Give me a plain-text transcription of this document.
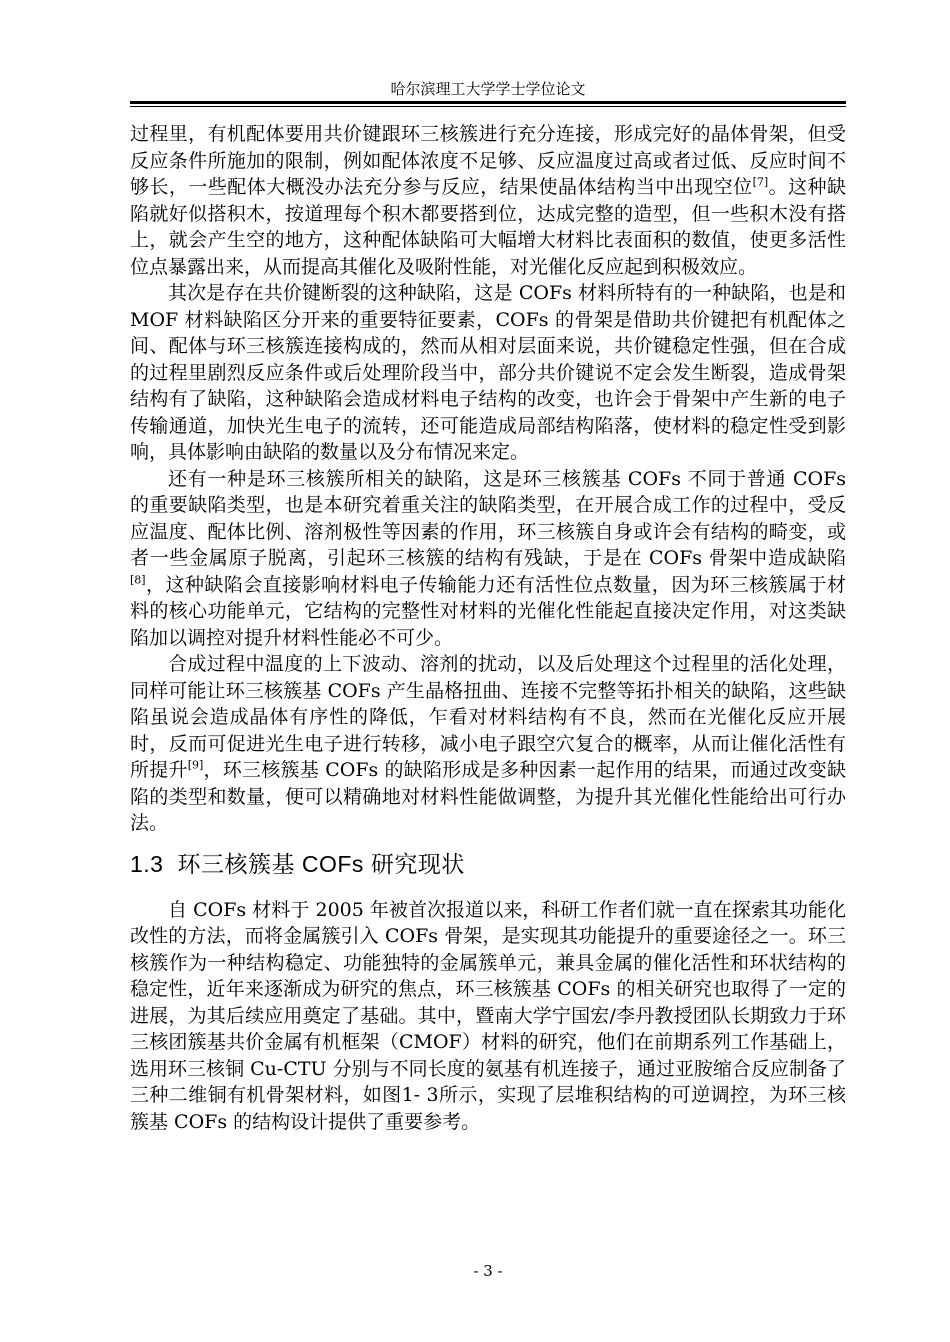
哈尔滨理工大学学士学位论文

过程里，有机配体要用共价键跟环三核簇进行充分连接，形成完好的晶体骨架，但受反应条件所施加的限制，例如配体浓度不足够、反应温度过高或者过低、反应时间不够长，一些配体大概没办法充分参与反应，结果使晶体结构当中出现空位[7]。这种缺陷就好似搭积木，按道理每个积木都要搭到位，达成完整的造型，但一些积木没有搭上，就会产生空的地方，这种配体缺陷可大幅增大材料比表面积的数值，使更多活性位点暴露出来，从而提高其催化及吸附性能，对光催化反应起到积极效应。

其次是存在共价键断裂的这种缺陷，这是 COFs 材料所特有的一种缺陷，也是和 MOF 材料缺陷区分开来的重要特征要素，COFs 的骨架是借助共价键把有机配体之间、配体与环三核簇连接构成的，然而从相对层面来说，共价键稳定性强，但在合成的过程里剧烈反应条件或后处理阶段当中，部分共价键说不定会发生断裂，造成骨架结构有了缺陷，这种缺陷会造成材料电子结构的改变，也许会于骨架中产生新的电子传输通道，加快光生电子的流转，还可能造成局部结构陷落，使材料的稳定性受到影响，具体影响由缺陷的数量以及分布情况来定。

还有一种是环三核簇所相关的缺陷，这是环三核簇基 COFs 不同于普通 COFs 的重要缺陷类型，也是本研究着重关注的缺陷类型，在开展合成工作的过程中，受反应温度、配体比例、溶剂极性等因素的作用，环三核簇自身或许会有结构的畸变，或者一些金属原子脱离，引起环三核簇的结构有残缺，于是在 COFs 骨架中造成缺陷[8]，这种缺陷会直接影响材料电子传输能力还有活性位点数量，因为环三核簇属于材料的核心功能单元，它结构的完整性对材料的光催化性能起直接决定作用，对这类缺陷加以调控对提升材料性能必不可少。

合成过程中温度的上下波动、溶剂的扰动，以及后处理这个过程里的活化处理，同样可能让环三核簇基 COFs 产生晶格扭曲、连接不完整等拓扑相关的缺陷，这些缺陷虽说会造成晶体有序性的降低，乍看对材料结构有不良，然而在光催化反应开展时，反而可促进光生电子进行转移，减小电子跟空穴复合的概率，从而让催化活性有所提升[9]，环三核簇基 COFs 的缺陷形成是多种因素一起作用的结果，而通过改变缺陷的类型和数量，便可以精确地对材料性能做调整，为提升其光催化性能给出可行办法。

1.3 环三核簇基 COFs 研究现状

自 COFs 材料于 2005 年被首次报道以来，科研工作者们就一直在探索其功能化改性的方法，而将金属簇引入 COFs 骨架，是实现其功能提升的重要途径之一。环三核簇作为一种结构稳定、功能独特的金属簇单元，兼具金属的催化活性和环状结构的稳定性，近年来逐渐成为研究的焦点，环三核簇基 COFs 的相关研究也取得了一定的进展，为其后续应用奠定了基础。其中，暨南大学宁国宏/李丹教授团队长期致力于环三核团簇基共价金属有机框架（CMOF）材料的研究，他们在前期系列工作基础上，选用环三核铜 Cu-CTU 分别与不同长度的氨基有机连接子，通过亚胺缩合反应制备了三种二维铜有机骨架材料，如图1- 3所示，实现了层堆积结构的可逆调控，为环三核簇基 COFs 的结构设计提供了重要参考。

- 3 -
